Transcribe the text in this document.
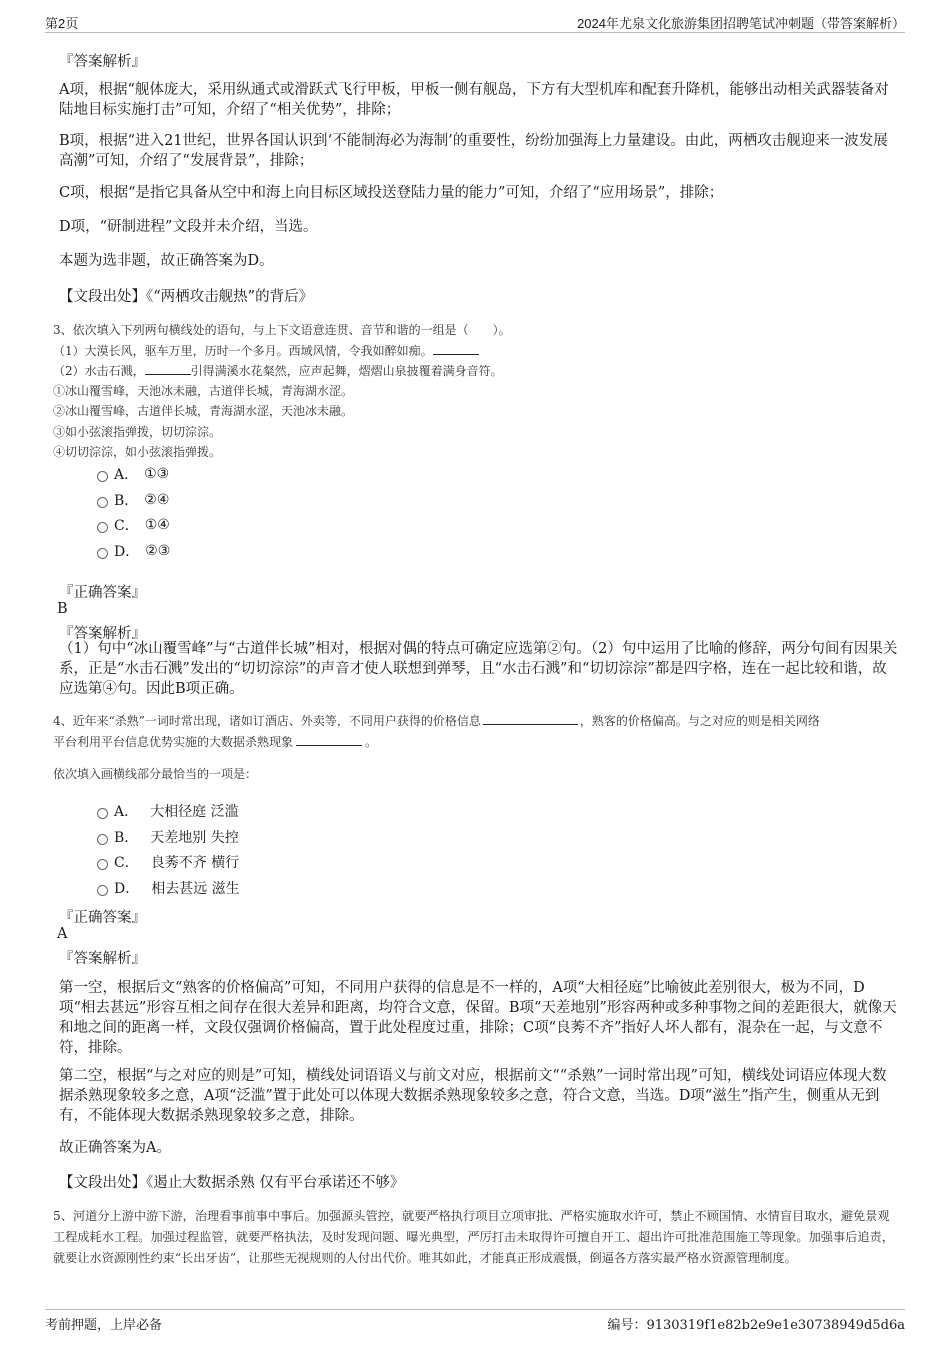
第2页	2024年尤泉文化旅游集团招聘笔试冲刺题（带答案解析）
『答案解析』
A项，根据“舰体庞大，采用纵通式或滑跃式飞行甲板，甲板一侧有舰岛，下方有大型机库和配套升降机，能够出动相关武器装备对陆地目标实施打击”可知，介绍了“相关优势”，排除；
B项，根据“进入21世纪，世界各国认识到‘不能制海必为海制’的重要性，纷纷加强海上力量建设。由此，两栖攻击舰迎来一波发展高潮”可知，介绍了“发展背景”，排除；
C项，根据“是指它具备从空中和海上向目标区域投送登陆力量的能力”可知，介绍了“应用场景”，排除；
D项，“研制进程”文段并未介绍，当选。
本题为选非题，故正确答案为D。
【文段出处】《“两栖攻击舰热”的背后》
3、依次填入下列两句横线处的语句，与上下文语意连贯、音节和谐的一组是（　　）。
（1）大漠长风，驱车万里，历时一个多月。西域风情，令我如醉如痴。
（2）水击石溅，	引得满溪水花粲然，应声起舞，熠熠山泉披覆着满身音符。
①冰山覆雪峰，天池冰未融，古道伴长城，青海湖水涩。
②冰山覆雪峰，古道伴长城，青海湖水涩，天池冰未融。
③如小弦滚指弹拨，切切淙淙。
④切切淙淙，如小弦滚指弹拨。
A． ①③
B． ②④
C． ①④
D． ②③
『正确答案』
B
『答案解析』
（1）句中“冰山覆雪峰”与“古道伴长城”相对，根据对偶的特点可确定应选第②句。（2）句中运用了比喻的修辞，两分句间有因果关系，正是“水击石溅”发出的“切切淙淙”的声音才使人联想到弹琴，且“水击石溅”和“切切淙淙”都是四字格，连在一起比较和谐，故应选第④句。因此B项正确。
4、近年来“杀熟”一词时常出现，诸如订酒店、外卖等，不同用户获得的价格信息	，熟客的价格偏高。与之对应的则是相关网络
平台利用平台信息优势实施的大数据杀熟现象	。
依次填入画横线部分最恰当的一项是：
A． 大相径庭 泛滥
B． 天差地别 失控
C． 良莠不齐 横行
D． 相去甚远 滋生
『正确答案』
A
『答案解析』
第一空，根据后文“熟客的价格偏高”可知，不同用户获得的信息是不一样的，A项“大相径庭”比喻彼此差别很大，极为不同，D项“相去甚远”形容互相之间存在很大差异和距离，均符合文意，保留。B项“天差地别”形容两种或多种事物之间的差距很大，就像天和地之间的距离一样，文段仅强调价格偏高，置于此处程度过重，排除；C项“良莠不齐”指好人坏人都有，混杂在一起，与文意不符，排除。
第二空，根据“与之对应的则是”可知，横线处词语语义与前文对应，根据前文““杀熟”一词时常出现”可知，横线处词语应体现大数据杀熟现象较多之意，A项“泛滥”置于此处可以体现大数据杀熟现象较多之意，符合文意，当选。D项“滋生”指产生，侧重从无到有，不能体现大数据杀熟现象较多之意，排除。
故正确答案为A。
【文段出处】《遏止大数据杀熟 仅有平台承诺还不够》
5、河道分上游中游下游，治理看事前事中事后。加强源头管控，就要严格执行项目立项审批、严格实施取水许可，禁止不顾国情、水情盲目取水，避免景观工程成耗水工程。加强过程监管，就要严格执法，及时发现问题、曝光典型，严厉打击未取得许可擅自开工、超出许可批准范围施工等现象。加强事后追责，就要让水资源刚性约束“长出牙齿”，让那些无视规则的人付出代价。唯其如此，才能真正形成震慑，倒逼各方落实最严格水资源管理制度。
考前押题，上岸必备	编号：9130319f1e82b2e9e1e30738949d5d6a
